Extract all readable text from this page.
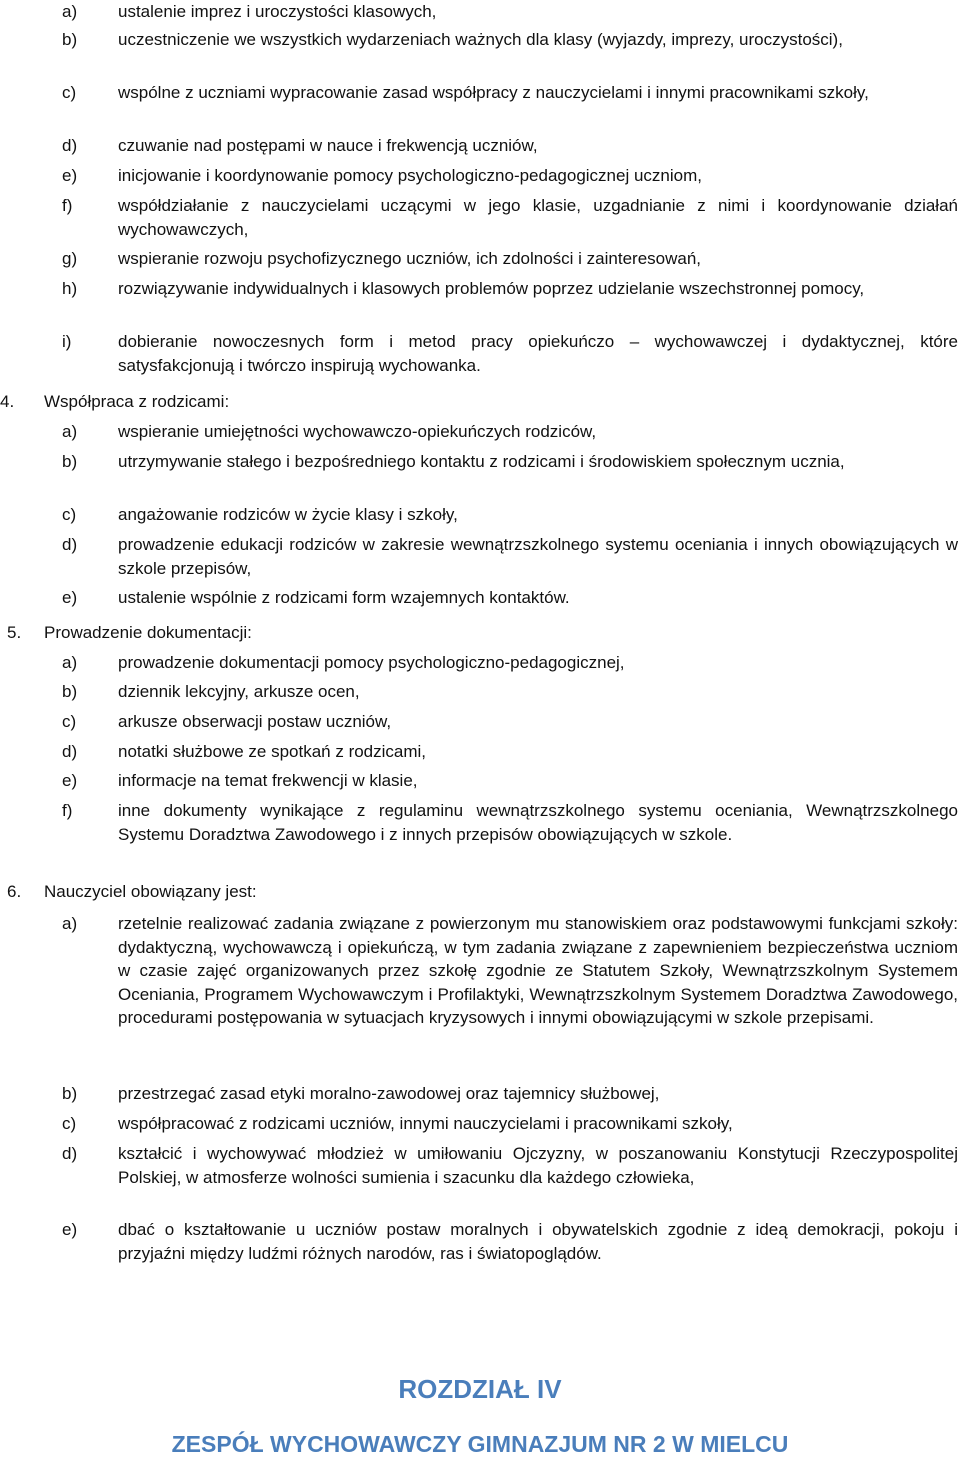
a) ustalenie imprez i uroczystości klasowych,
b) uczestniczenie we wszystkich wydarzeniach ważnych dla klasy (wyjazdy, imprezy, uroczystości),
c) wspólne z uczniami wypracowanie zasad współpracy z nauczycielami i innymi pracownikami szkoły,
d) czuwanie nad postępami w nauce i frekwencją uczniów,
e) inicjowanie i koordynowanie pomocy psychologiczno-pedagogicznej uczniom,
f)	współdziałanie z nauczycielami uczącymi w jego klasie, uzgadnianie z nimi i koordynowanie działań wychowawczych,
g) wspieranie rozwoju psychofizycznego uczniów, ich zdolności i zainteresowań,
h) rozwiązywanie indywidualnych i klasowych problemów poprzez udzielanie wszechstronnej pomocy,
i)	dobieranie nowoczesnych form i metod pracy opiekuńczo – wychowawczej i dydaktycznej, które satysfakcjonują i twórczo inspirują wychowanka.
4. Współpraca z rodzicami:
a) wspieranie umiejętności wychowawczo-opiekuńczych rodziców,
b) utrzymywanie stałego i bezpośredniego kontaktu z rodzicami i środowiskiem społecznym ucznia,
c) angażowanie rodziców w życie klasy i szkoły,
d) prowadzenie edukacji rodziców w zakresie wewnątrzszkolnego systemu oceniania i innych obowiązujących w szkole przepisów,
e) ustalenie wspólnie z rodzicami form wzajemnych kontaktów.
5. Prowadzenie dokumentacji:
a) prowadzenie dokumentacji pomocy psychologiczno-pedagogicznej,
b) dziennik lekcyjny, arkusze ocen,
c) arkusze obserwacji postaw uczniów,
d) notatki służbowe ze spotkań z rodzicami,
e) informacje na temat frekwencji w klasie,
f)	inne dokumenty wynikające z regulaminu wewnątrzszkolnego systemu oceniania, Wewnątrzszkolnego Systemu Doradztwa Zawodowego i z innych przepisów obowiązujących w szkole.
6. Nauczyciel obowiązany jest:
a) rzetelnie realizować zadania związane z powierzonym mu stanowiskiem oraz podstawowymi funkcjami szkoły: dydaktyczną, wychowawczą i opiekuńczą, w tym zadania związane z zapewnieniem bezpieczeństwa uczniom w czasie zajęć organizowanych przez szkołę zgodnie ze Statutem Szkoły, Wewnątrzszkolnym Systemem Oceniania, Programem Wychowawczym i Profilaktyki, Wewnątrzszkolnym Systemem Doradztwa Zawodowego, procedurami postępowania w sytuacjach kryzysowych i innymi obowiązującymi w szkole przepisami.
b) przestrzegać zasad etyki moralno-zawodowej oraz tajemnicy służbowej,
c) współpracować z rodzicami uczniów, innymi nauczycielami i pracownikami szkoły,
d) kształcić i wychowywać młodzież w umiłowaniu Ojczyzny, w poszanowaniu Konstytucji Rzeczypospolitej Polskiej, w atmosferze wolności sumienia i szacunku dla każdego człowieka,
e) dbać o kształtowanie u uczniów postaw moralnych i obywatelskich zgodnie z ideą demokracji, pokoju i przyjaźni między ludźmi różnych narodów, ras i światopoglądów.
ROZDZIAŁ IV
ZESPÓŁ WYCHOWAWCZY GIMNAZJUM NR 2 W MIELCU
